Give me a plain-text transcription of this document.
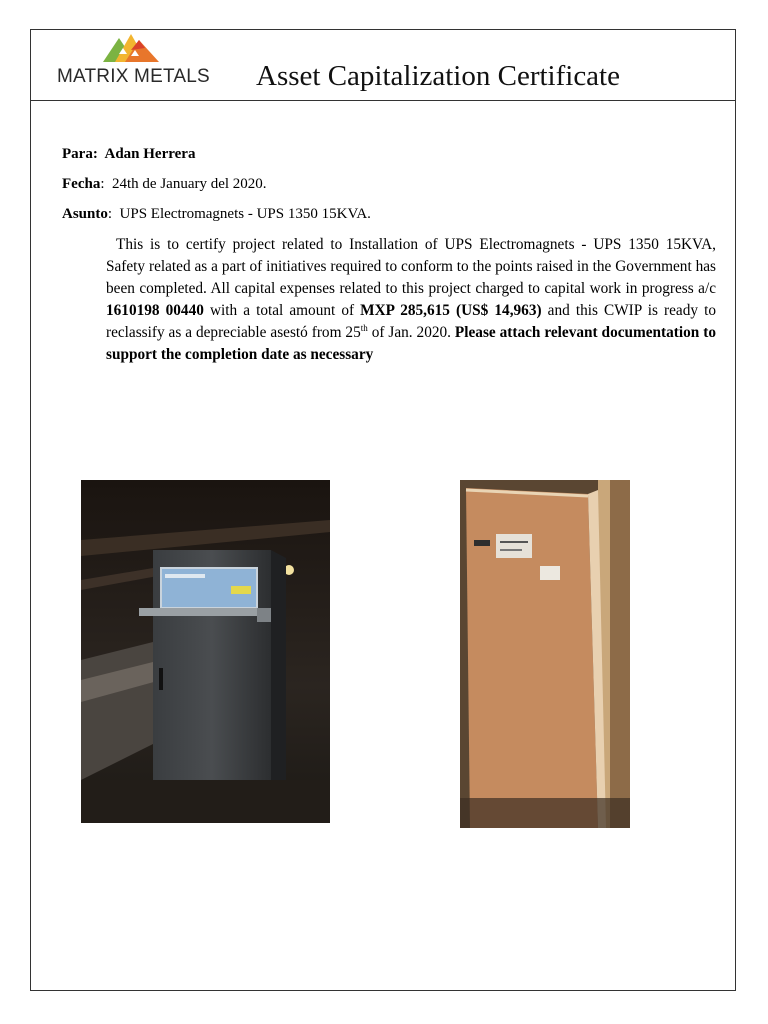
MATRIX METALS Asset Capitalization Certificate
Para:  Adan Herrera
Fecha:  24th de January del 2020.
Asunto:  UPS Electromagnets - UPS 1350 15KVA.
This is to certify project related to Installation of UPS Electromagnets - UPS 1350 15KVA, Safety related as a part of initiatives required to conform to the points raised in the Government has been completed. All capital expenses related to this project charged to capital work in progress a/c 1610198 00440 with a total amount of MXP 285,615 (US$ 14,963) and this CWIP is ready to reclassify as a depreciable asestó from 25th of Jan. 2020. Please attach relevant documentation to support the completion date as necessary
